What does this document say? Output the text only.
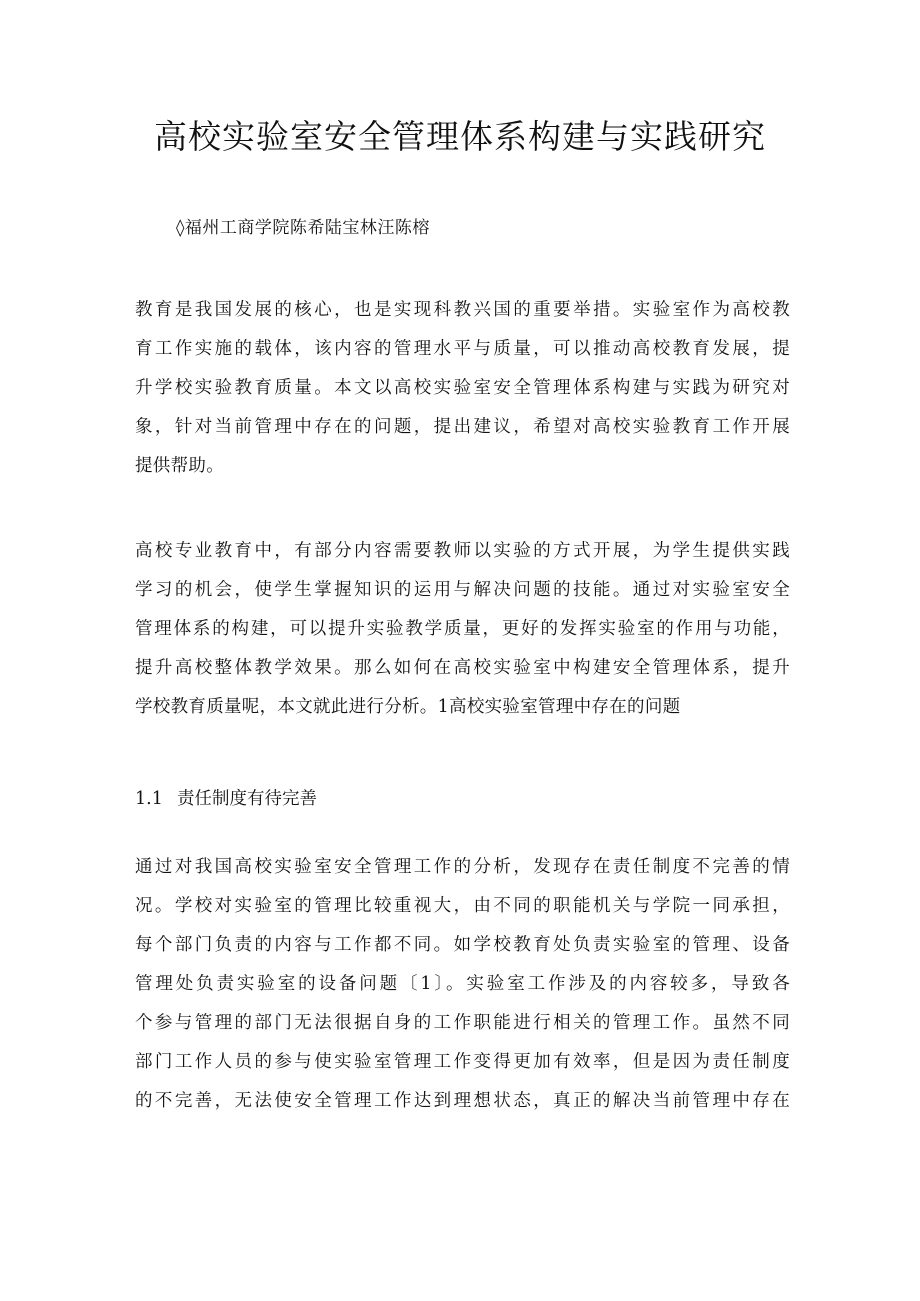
高校实验室安全管理体系构建与实践研究

◊福州工商学院陈希陆宝林汪陈榕

教育是我国发展的核心，也是实现科教兴国的重要举措。实验室作为高校教
育工作实施的载体，该内容的管理水平与质量，可以推动高校教育发展，提
升学校实验教育质量。本文以高校实验室安全管理体系构建与实践为研究对
象，针对当前管理中存在的问题，提出建议，希望对高校实验教育工作开展
提供帮助。
高校专业教育中，有部分内容需要教师以实验的方式开展，为学生提供实践
学习的机会，使学生掌握知识的运用与解决问题的技能。通过对实验室安全
管理体系的构建，可以提升实验教学质量，更好的发挥实验室的作用与功能，
提升高校整体教学效果。那么如何在高校实验室中构建安全管理体系，提升
学校教育质量呢，本文就此进行分析。1高校实验室管理中存在的问题
1.1 责任制度有待完善
通过对我国高校实验室安全管理工作的分析，发现存在责任制度不完善的情
况。学校对实验室的管理比较重视大，由不同的职能机关与学院一同承担，
每个部门负责的内容与工作都不同。如学校教育处负责实验室的管理、设备
管理处负责实验室的设备问题〔1〕。实验室工作涉及的内容较多，导致各
个参与管理的部门无法很据自身的工作职能进行相关的管理工作。虽然不同
部门工作人员的参与使实验室管理工作变得更加有效率，但是因为责任制度
的不完善，无法使安全管理工作达到理想状态，真正的解决当前管理中存在
